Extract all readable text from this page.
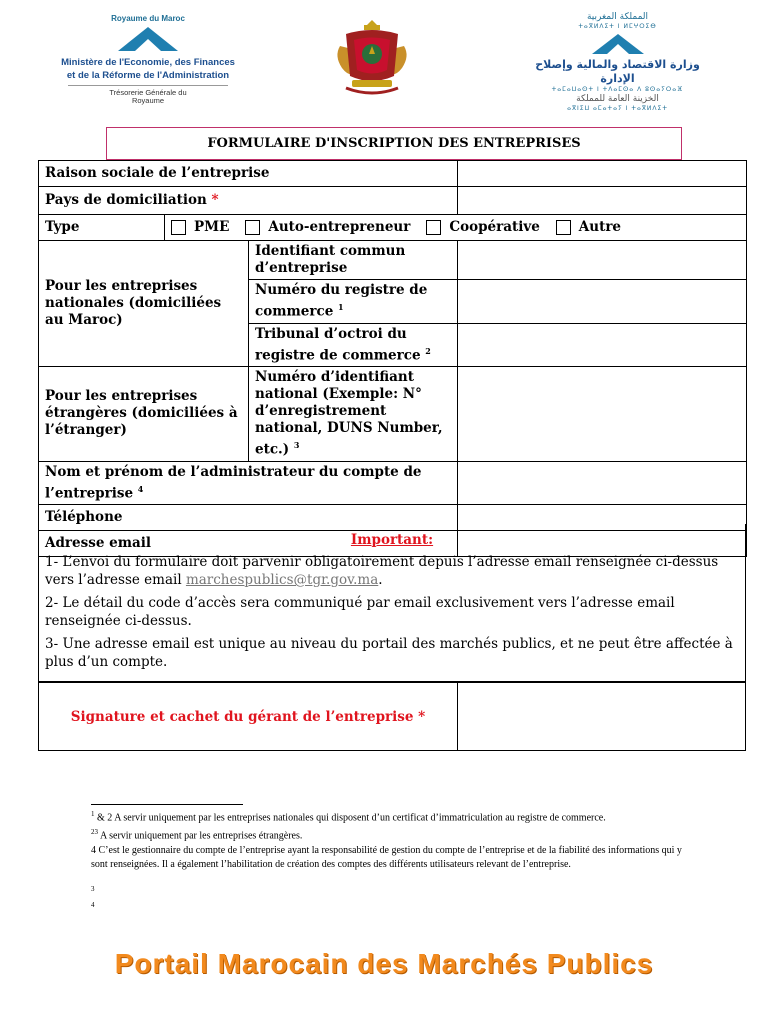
Royaume du Maroc
Ministère de l'Economie, des Finances
et de la Réforme de l'Administration
Trésorerie Générale du
Royaume
المملكة المغربية
ⵜⴰⴳⵍⴷⵉⵜ ⵏ ⵍⵎⵖⵔⵉⴱ
وزارة الاقتصاد والمالية وإصلاح الإدارة
ⵜⴰⵎⴰⵡⴰⵙⵜ ⵏ ⵜⴷⴰⵎⵙⴰ ⴷ ⵓⵙⴰⵢⵔⴰⴼ
الخزينة العامة للمملكة
ⴰⴳⵏⵉⵡ ⴰⵎⴰⵜⴰⵢ ⵏ ⵜⴰⴳⵍⴷⵉⵜ
FORMULAIRE D'INSCRIPTION DES ENTREPRISES
Raison sociale de l’entreprise			
Pays de domiciliation *			
Type	PME Auto-entrepreneur Coopérative Autre		

Pour les entreprises nationales (domiciliées au Maroc)		Identifiant commun d’entreprise	
		Numéro du registre de commerce $^1$	
		Tribunal d’octroi du registre de commerce $^2$	
Pour les entreprises étrangères (domiciliées à l’étranger)		Numéro d’identifiant national (Exemple: N° d’enregistrement national, DUNS Number, etc.) $^3$	
Nom et prénom de l’administrateur du compte de l’entreprise $^4$	
Téléphone			
Adresse email				Important:

1- L’envoi du formulaire doit parvenir obligatoirement depuis l’adresse email renseignée ci-dessus vers l’adresse email marchespublics@tgr.gov.ma.

2- Le détail du code d’accès sera communiqué par email exclusivement vers l’adresse email renseignée ci-dessus.

3- Une adresse email est unique au niveau du portail des marchés publics, et ne peut être affectée à plus d’un compte.

Signature et cachet du gérant de l’entreprise *
$^1$ & 2 A servir uniquement par les entreprises nationales qui disposent d’un certificat d’immatriculation au registre de commerce.
$^{23}$ A servir uniquement par les entreprises étrangères.
4 C’est le gestionnaire du compte de l’entreprise ayant la responsabilité de gestion du compte de l’entreprise et de la fiabilité des informations qui y sont renseignées. Il a également l’habilitation de création des comptes des différents utilisateurs relevant de l’entreprise.
3
4
Portail Marocain des Marchés Publics
